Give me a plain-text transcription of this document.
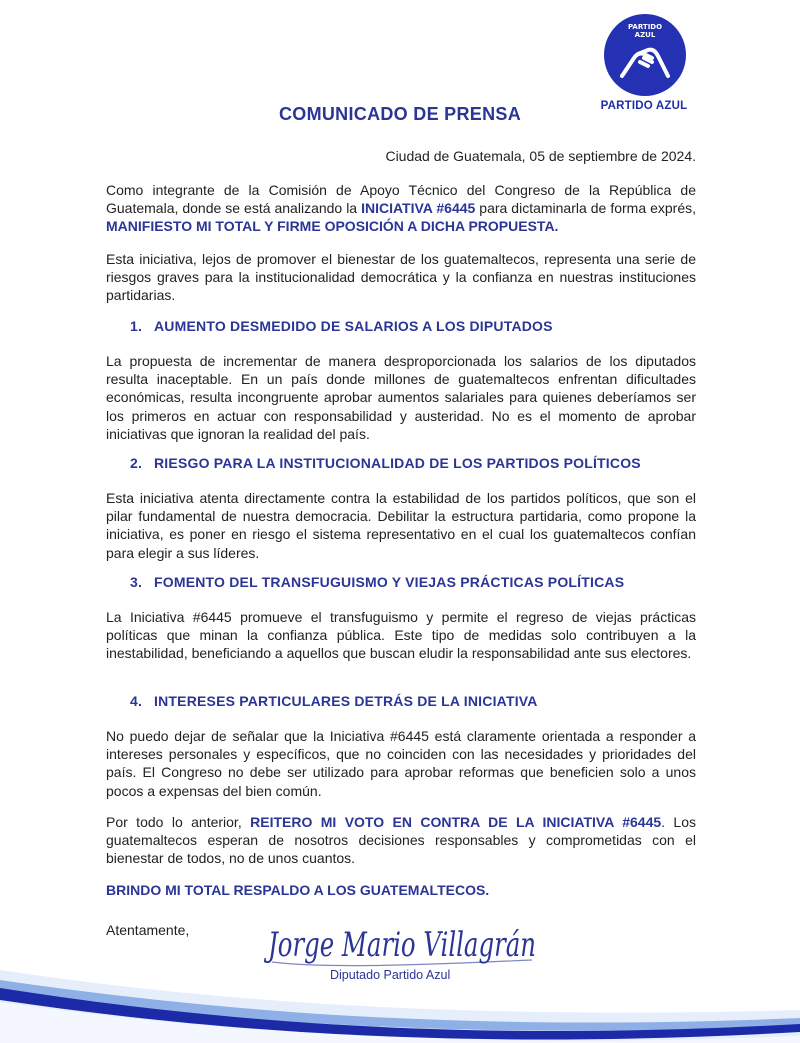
PARTIDO
AZUL
PARTIDO AZUL
COMUNICADO DE PRENSA
Ciudad de Guatemala, 05 de septiembre de 2024.
Como integrante de la Comisión de Apoyo Técnico del Congreso de la República de Guatemala, donde se está analizando la INICIATIVA #6445 para dictaminarla de forma exprés, MANIFIESTO MI TOTAL Y FIRME OPOSICIÓN A DICHA PROPUESTA.
Esta iniciativa, lejos de promover el bienestar de los guatemaltecos, representa una serie de riesgos graves para la institucionalidad democrática y la confianza en nuestras instituciones partidarias.
1. AUMENTO DESMEDIDO DE SALARIOS A LOS DIPUTADOS
La propuesta de incrementar de manera desproporcionada los salarios de los diputados resulta inaceptable. En un país donde millones de guatemaltecos enfrentan dificultades económicas, resulta incongruente aprobar aumentos salariales para quienes deberíamos ser los primeros en actuar con responsabilidad y austeridad. No es el momento de aprobar iniciativas que ignoran la realidad del país.
2. RIESGO PARA LA INSTITUCIONALIDAD DE LOS PARTIDOS POLÍTICOS
Esta iniciativa atenta directamente contra la estabilidad de los partidos políticos, que son el pilar fundamental de nuestra democracia. Debilitar la estructura partidaria, como propone la iniciativa, es poner en riesgo el sistema representativo en el cual los guatemaltecos confían para elegir a sus líderes.
3. FOMENTO DEL TRANSFUGUISMO Y VIEJAS PRÁCTICAS POLÍTICAS
La Iniciativa #6445 promueve el transfuguismo y permite el regreso de viejas prácticas políticas que minan la confianza pública. Este tipo de medidas solo contribuyen a la inestabilidad, beneficiando a aquellos que buscan eludir la responsabilidad ante sus electores.
4. INTERESES PARTICULARES DETRÁS DE LA INICIATIVA
No puedo dejar de señalar que la Iniciativa #6445 está claramente orientada a responder a intereses personales y específicos, que no coinciden con las necesidades y prioridades del país. El Congreso no debe ser utilizado para aprobar reformas que beneficien solo a unos pocos a expensas del bien común.
Por todo lo anterior, REITERO MI VOTO EN CONTRA DE LA INICIATIVA #6445. Los guatemaltecos esperan de nosotros decisiones responsables y comprometidas con el bienestar de todos, no de unos cuantos.
BRINDO MI TOTAL RESPALDO A LOS GUATEMALTECOS.
Atentamente, Jorge Mario Villagrán
Diputado Partido Azul
